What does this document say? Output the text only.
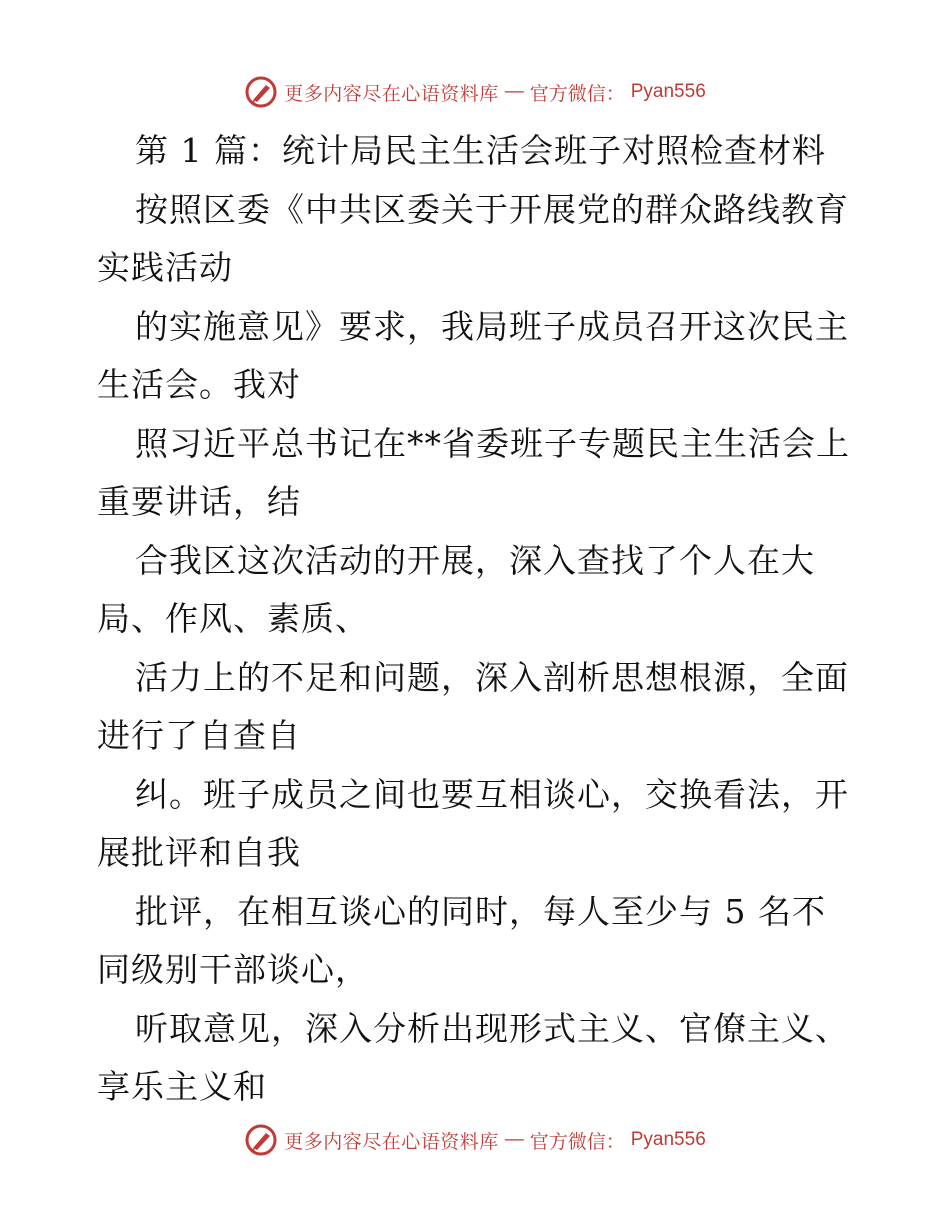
更多内容尽在心语资料库 — 官方微信： Pyan556
第 1 篇：统计局民主生活会班子对照检查材料
按照区委《中共区委关于开展党的群众路线教育
实践活动
的实施意见》要求，我局班子成员召开这次民主
生活会。我对
照习近平总书记在**省委班子专题民主生活会上
重要讲话，结
合我区这次活动的开展，深入查找了个人在大
局、作风、素质、
活力上的不足和问题，深入剖析思想根源，全面
进行了自查自
纠。班子成员之间也要互相谈心，交换看法，开
展批评和自我
批评，在相互谈心的同时，每人至少与 5 名不
同级别干部谈心，
听取意见，深入分析出现形式主义、官僚主义、
享乐主义和
更多内容尽在心语资料库 — 官方微信： Pyan556
